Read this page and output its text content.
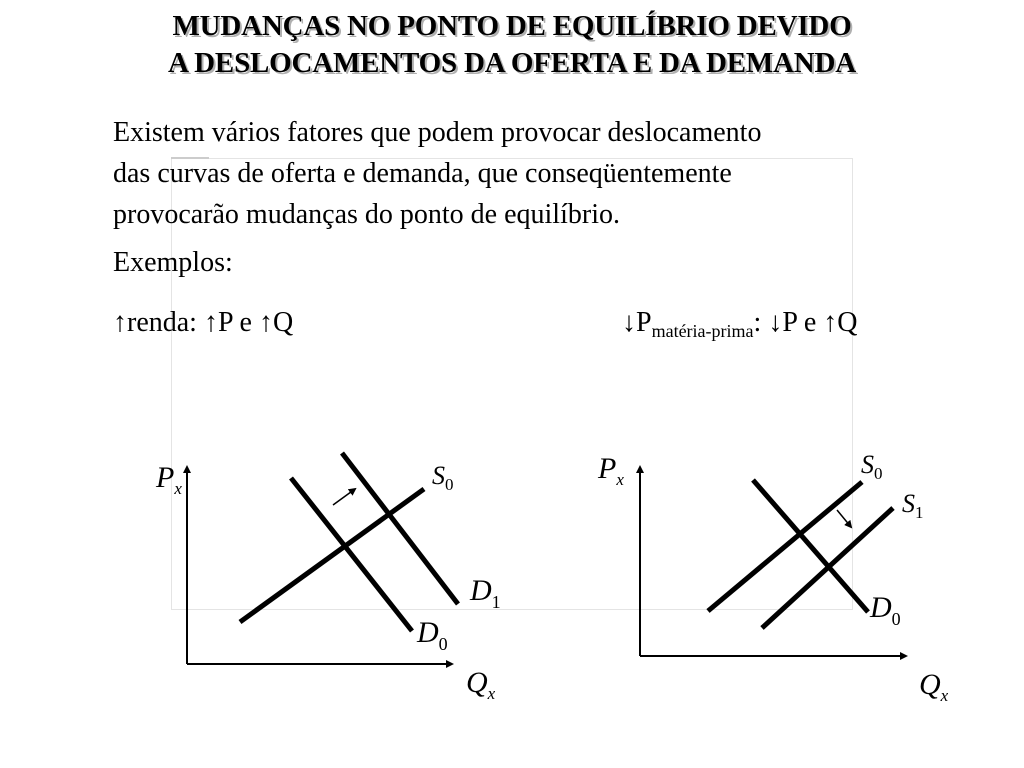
MUDANÇAS NO PONTO DE EQUILÍBRIO DEVIDO
A DESLOCAMENTOS DA OFERTA E DA DEMANDA
Existem vários fatores que podem provocar deslocamento
das curvas de oferta e demanda, que conseqüentemente
provocarão mudanças do ponto de equilíbrio.
Exemplos:
↑renda: ↑P e ↑Q	$↓P_{matéria-prima}$: ↓P e ↑Q
$P_x$
$Q_x$
$S_0$
$D_1$
$D_0$
$P_x$
$Q_x$
$S_0$
$S_1$
$D_0$
